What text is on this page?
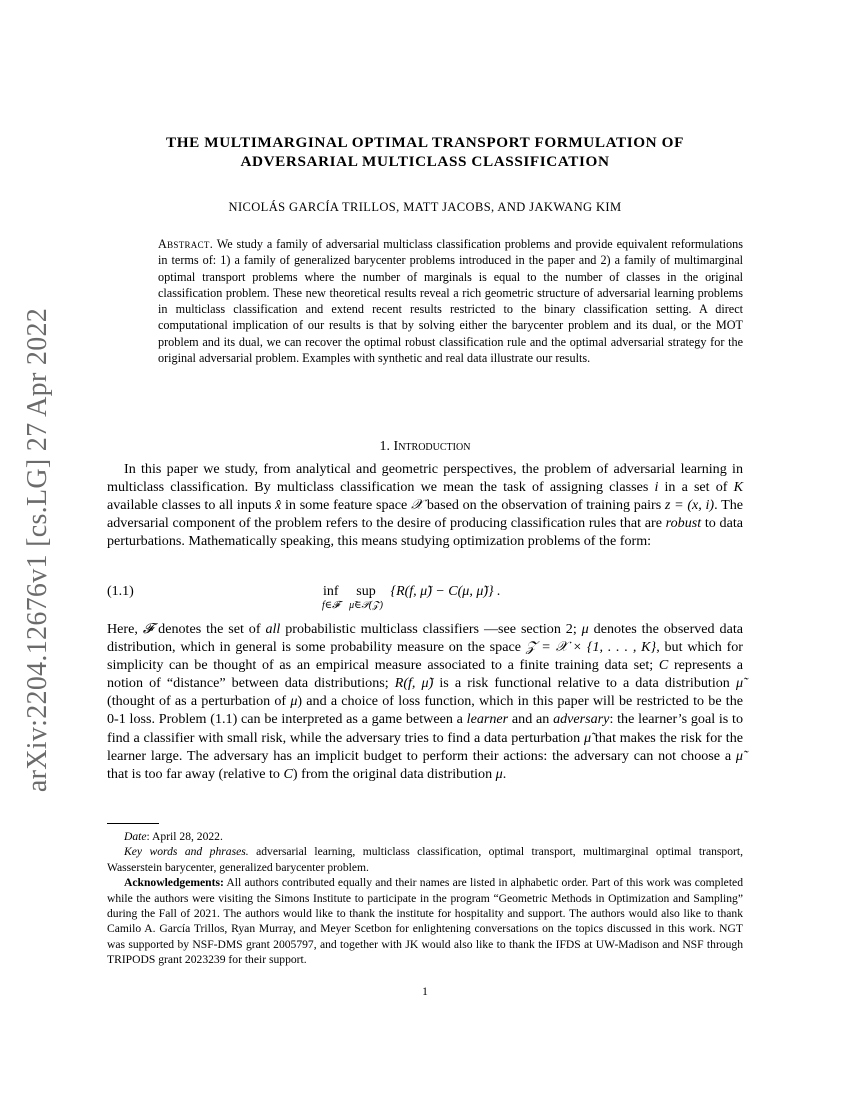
arXiv:2204.12676v1 [cs.LG] 27 Apr 2022
THE MULTIMARGINAL OPTIMAL TRANSPORT FORMULATION OF
ADVERSARIAL MULTICLASS CLASSIFICATION
NICOLÁS GARCÍA TRILLOS, MATT JACOBS, AND JAKWANG KIM
Abstract. We study a family of adversarial multiclass classification problems and provide equivalent reformulations in terms of: 1) a family of generalized barycenter problems introduced in the paper and 2) a family of multimarginal optimal transport problems where the number of marginals is equal to the number of classes in the original classification problem. These new theoretical results reveal a rich geometric structure of adversarial learning problems in multiclass classification and extend recent results restricted to the binary classification setting. A direct computational implication of our results is that by solving either the barycenter problem and its dual, or the MOT problem and its dual, we can recover the optimal robust classification rule and the optimal adversarial strategy for the original adversarial problem. Examples with synthetic and real data illustrate our results.
1. Introduction
In this paper we study, from analytical and geometric perspectives, the problem of adversarial learning in multiclass classification. By multiclass classification we mean the task of assigning classes i in a set of K available classes to all inputs x̂ in some feature space 𝒳 based on the observation of training pairs z = (x, i). The adversarial component of the problem refers to the desire of producing classification rules that are robust to data perturbations. Mathematically speaking, this means studying optimization problems of the form:
(1.1)	inf
f∈𝓕
sup
μ̃∈𝒫(𝒵)
{R(f, μ̃) − C(μ, μ̃)} .
Here, 𝓕 denotes the set of all probabilistic multiclass classifiers —see section 2; μ denotes the observed data distribution, which in general is some probability measure on the space 𝒵 = 𝒳 × {1, . . . , K}, but which for simplicity can be thought of as an empirical measure associated to a finite training data set; C represents a notion of “distance” between data distributions; R(f, μ̃) is a risk functional relative to a data distribution μ̃ (thought of as a perturbation of μ) and a choice of loss function, which in this paper will be restricted to be the 0-1 loss. Problem (1.1) can be interpreted as a game between a learner and an adversary: the learner’s goal is to find a classifier with small risk, while the adversary tries to find a data perturbation μ̃ that makes the risk for the learner large. The adversary has an implicit budget to perform their actions: the adversary can not choose a μ̃ that is too far away (relative to C) from the original data distribution μ.

Date: April 28, 2022.

Key words and phrases. adversarial learning, multiclass classification, optimal transport, multimarginal optimal transport, Wasserstein barycenter, generalized barycenter problem.

Acknowledgements: All authors contributed equally and their names are listed in alphabetic order. Part of this work was completed while the authors were visiting the Simons Institute to participate in the program “Geometric Methods in Optimization and Sampling” during the Fall of 2021. The authors would like to thank the institute for hospitality and support. The authors would also like to thank Camilo A. García Trillos, Ryan Murray, and Meyer Scetbon for enlightening conversations on the topics discussed in this work. NGT was supported by NSF-DMS grant 2005797, and together with JK would also like to thank the IFDS at UW-Madison and NSF through TRIPODS grant 2023239 for their support.

1
